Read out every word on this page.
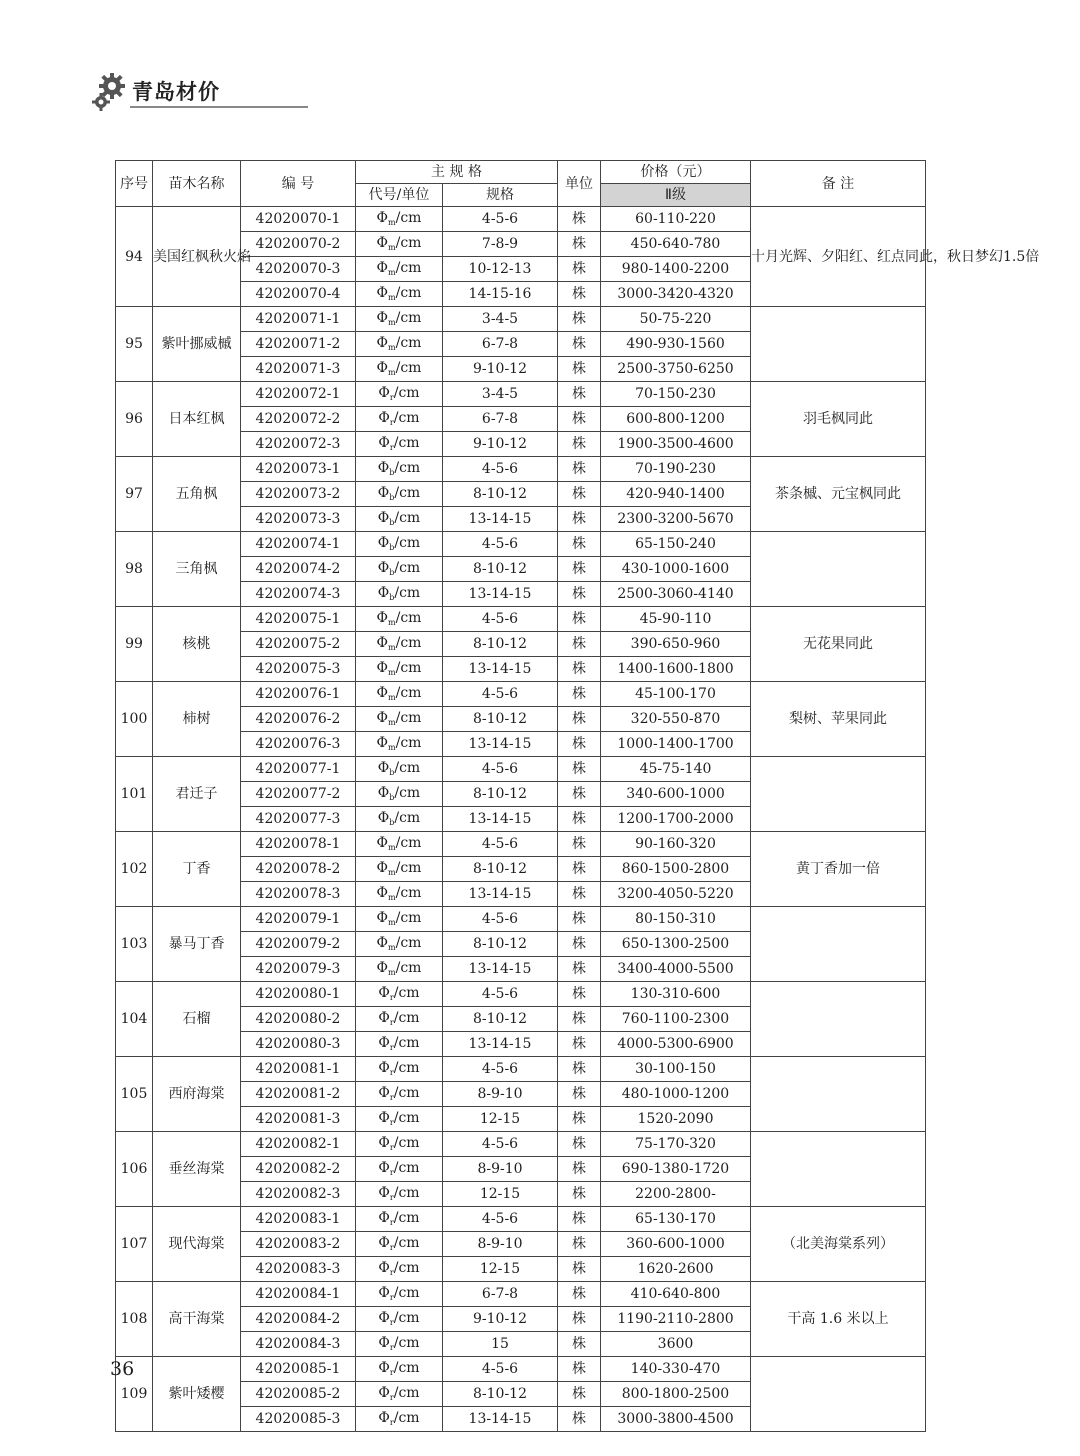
青岛材价
序号	苗木名称	编 号	主 规 格		单位	价格（元）	备 注
			代号/单位	规格		Ⅱ级	
94	美国红枫秋火焰	42020070-1	$\Phi_m/cm$	4-5-6	株	60-110-220	十月光辉、夕阳红、红点同此，秋日梦幻1.5倍
		42020070-2	$\Phi_m/cm$	7-8-9	株	450-640-780	
		42020070-3	$\Phi_m/cm$	10-12-13	株	980-1400-2200	
		42020070-4	$\Phi_m/cm$	14-15-16	株	3000-3420-4320	
95	紫叶挪威槭	42020071-1	$\Phi_m/cm$	3-4-5	株	50-75-220	
		42020071-2	$\Phi_m/cm$	6-7-8	株	490-930-1560	
		42020071-3	$\Phi_m/cm$	9-10-12	株	2500-3750-6250	
96	日本红枫	42020072-1	$\Phi_r/cm$	3-4-5	株	70-150-230	羽毛枫同此
		42020072-2	$\Phi_r/cm$	6-7-8	株	600-800-1200	
		42020072-3	$\Phi_r/cm$	9-10-12	株	1900-3500-4600	
97	五角枫	42020073-1	$\Phi_b/cm$	4-5-6	株	70-190-230	茶条槭、元宝枫同此
		42020073-2	$\Phi_b/cm$	8-10-12	株	420-940-1400	
		42020073-3	$\Phi_b/cm$	13-14-15	株	2300-3200-5670	
98	三角枫	42020074-1	$\Phi_b/cm$	4-5-6	株	65-150-240	
		42020074-2	$\Phi_b/cm$	8-10-12	株	430-1000-1600	
		42020074-3	$\Phi_b/cm$	13-14-15	株	2500-3060-4140	
99	核桃	42020075-1	$\Phi_m/cm$	4-5-6	株	45-90-110	无花果同此
		42020075-2	$\Phi_m/cm$	8-10-12	株	390-650-960	
		42020075-3	$\Phi_m/cm$	13-14-15	株	1400-1600-1800	
100	柿树	42020076-1	$\Phi_m/cm$	4-5-6	株	45-100-170	梨树、苹果同此
		42020076-2	$\Phi_m/cm$	8-10-12	株	320-550-870	
		42020076-3	$\Phi_m/cm$	13-14-15	株	1000-1400-1700	
101	君迁子	42020077-1	$\Phi_b/cm$	4-5-6	株	45-75-140	
		42020077-2	$\Phi_b/cm$	8-10-12	株	340-600-1000	
		42020077-3	$\Phi_b/cm$	13-14-15	株	1200-1700-2000	
102	丁香	42020078-1	$\Phi_m/cm$	4-5-6	株	90-160-320	黄丁香加一倍
		42020078-2	$\Phi_m/cm$	8-10-12	株	860-1500-2800	
		42020078-3	$\Phi_m/cm$	13-14-15	株	3200-4050-5220	
103	暴马丁香	42020079-1	$\Phi_m/cm$	4-5-6	株	80-150-310	
		42020079-2	$\Phi_m/cm$	8-10-12	株	650-1300-2500	
		42020079-3	$\Phi_m/cm$	13-14-15	株	3400-4000-5500	
104	石榴	42020080-1	$\Phi_r/cm$	4-5-6	株	130-310-600	
		42020080-2	$\Phi_r/cm$	8-10-12	株	760-1100-2300	
		42020080-3	$\Phi_r/cm$	13-14-15	株	4000-5300-6900	
105	西府海棠	42020081-1	$\Phi_r/cm$	4-5-6	株	30-100-150	
		42020081-2	$\Phi_r/cm$	8-9-10	株	480-1000-1200	
		42020081-3	$\Phi_r/cm$	12-15	株	1520-2090	
106	垂丝海棠	42020082-1	$\Phi_r/cm$	4-5-6	株	75-170-320	
		42020082-2	$\Phi_r/cm$	8-9-10	株	690-1380-1720	
		42020082-3	$\Phi_r/cm$	12-15	株	2200-2800-	
107	现代海棠	42020083-1	$\Phi_r/cm$	4-5-6	株	65-130-170	（北美海棠系列）
		42020083-2	$\Phi_r/cm$	8-9-10	株	360-600-1000	
		42020083-3	$\Phi_r/cm$	12-15	株	1620-2600	
108	高干海棠	42020084-1	$\Phi_r/cm$	6-7-8	株	410-640-800	干高 1.6 米以上
		42020084-2	$\Phi_r/cm$	9-10-12	株	1190-2110-2800	
		42020084-3	$\Phi_r/cm$	15	株	3600	
109	紫叶矮樱	42020085-1	$\Phi_r/cm$	4-5-6	株	140-330-470	
		42020085-2	$\Phi_r/cm$	8-10-12	株	800-1800-2500	
		42020085-3	$\Phi_r/cm$	13-14-15	株	3000-3800-4500	
36
